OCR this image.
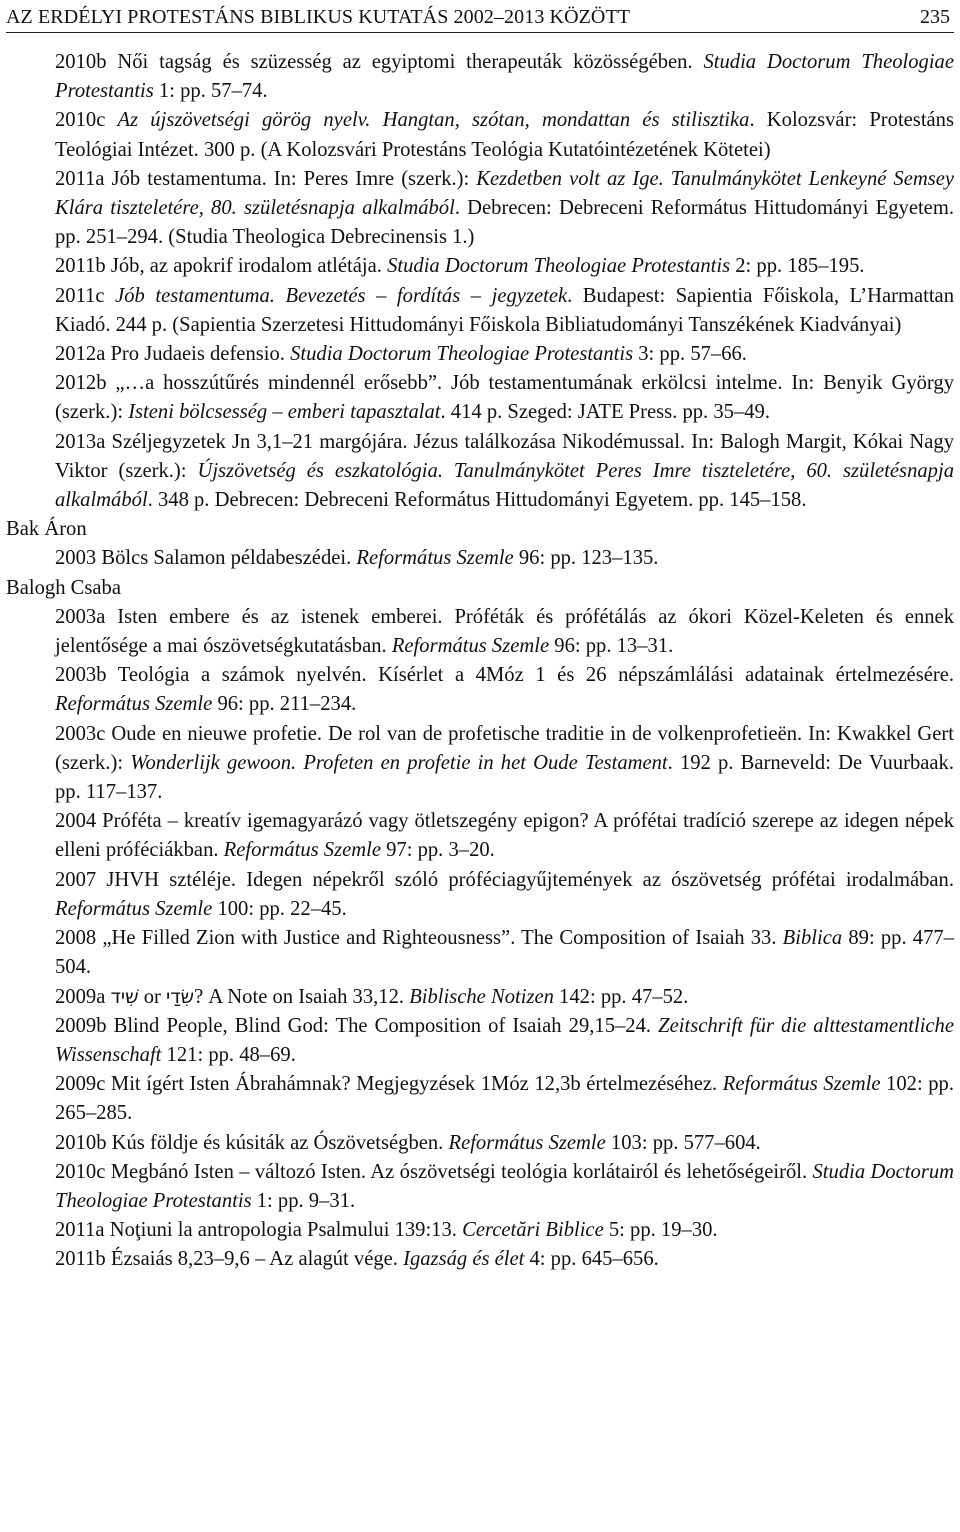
AZ ERDÉLYI PROTESTÁNS BIBLIKUS KUTATÁS 2002–2013 KÖZÖTT	235
2010b Női tagság és szüzesség az egyiptomi therapeuták közösségében. Studia Doctorum Theologiae Protestantis 1: pp. 57–74.
2010c Az újszövetségi görög nyelv. Hangtan, szótan, mondattan és stilisztika. Kolozsvár: Protestáns Teológiai Intézet. 300 p. (A Kolozsvári Protestáns Teológia Kutatóintézetének Kötetei)
2011a Jób testamentuma. In: Peres Imre (szerk.): Kezdetben volt az Ige. Tanulmánykötet Lenkeyné Semsey Klára tiszteletére, 80. születésnapja alkalmából. Debrecen: Debreceni Református Hittudományi Egyetem. pp. 251–294. (Studia Theologica Debrecinensis 1.)
2011b Jób, az apokrif irodalom atlétája. Studia Doctorum Theologiae Protestantis 2: pp. 185–195.
2011c Jób testamentuma. Bevezetés – fordítás – jegyzetek. Budapest: Sapientia Főiskola, L’Harmattan Kiadó. 244 p. (Sapientia Szerzetesi Hittudományi Főiskola Bibliatudományi Tanszékének Kiadványai)
2012a Pro Judaeis defensio. Studia Doctorum Theologiae Protestantis 3: pp. 57–66.
2012b „…a hosszútűrés mindennél erősebb”. Jób testamentumának erkölcsi intelme. In: Benyik György (szerk.): Isteni bölcsesség – emberi tapasztalat. 414 p. Szeged: JATE Press. pp. 35–49.
2013a Széljegyzetek Jn 3,1–21 margójára. Jézus találkozása Nikodémussal. In: Balogh Margit, Kókai Nagy Viktor (szerk.): Újszövetség és eszkatológia. Tanulmánykötet Peres Imre tiszteletére, 60. születésnapja alkalmából. 348 p. Debrecen: Debreceni Református Hittudományi Egyetem. pp. 145–158.
Bak Áron
2003 Bölcs Salamon példabeszédei. Református Szemle 96: pp. 123–135.
Balogh Csaba
2003a Isten embere és az istenek emberei. Próféták és prófétálás az ókori Közel-Keleten és ennek jelentősége a mai ószövetségkutatásban. Református Szemle 96: pp. 13–31.
2003b Teológia a számok nyelvén. Kísérlet a 4Móz 1 és 26 népszámlálási adatainak értelmezésére. Református Szemle 96: pp. 211–234.
2003c Oude en nieuwe profetie. De rol van de profetische traditie in de volkenprofetieën. In: Kwakkel Gert (szerk.): Wonderlijk gewoon. Profeten en profetie in het Oude Testament. 192 p. Barneveld: De Vuurbaak. pp. 117–137.
2004 Próféta – kreatív igemagyarázó vagy ötletszegény epigon? A prófétai tradíció szerepe az idegen népek elleni próféciákban. Református Szemle 97: pp. 3–20.
2007 JHVH sztéléje. Idegen népekről szóló próféciagyűjtemények az ószövetség prófétai irodalmában. Református Szemle 100: pp. 22–45.
2008 „He Filled Zion with Justice and Righteousness”. The Composition of Isaiah 33. Biblica 89: pp. 477–504.
2009a שִׁיד or שִׂדַי? A Note on Isaiah 33,12. Biblische Notizen 142: pp. 47–52.
2009b Blind People, Blind God: The Composition of Isaiah 29,15–24. Zeitschrift für die alttestamentliche Wissenschaft 121: pp. 48–69.
2009c Mit ígért Isten Ábrahámnak? Megjegyzések 1Móz 12,3b értelmezéséhez. Református Szemle 102: pp. 265–285.
2010b Kús földje és kúsiták az Ószövetségben. Református Szemle 103: pp. 577–604.
2010c Megbánó Isten – változó Isten. Az ószövetségi teológia korlátairól és lehetőségeiről. Studia Doctorum Theologiae Protestantis 1: pp. 9–31.
2011a Noţiuni la antropologia Psalmului 139:13. Cercetări Biblice 5: pp. 19–30.
2011b Ézsaiás 8,23–9,6 – Az alagút vége. Igazság és élet 4: pp. 645–656.
